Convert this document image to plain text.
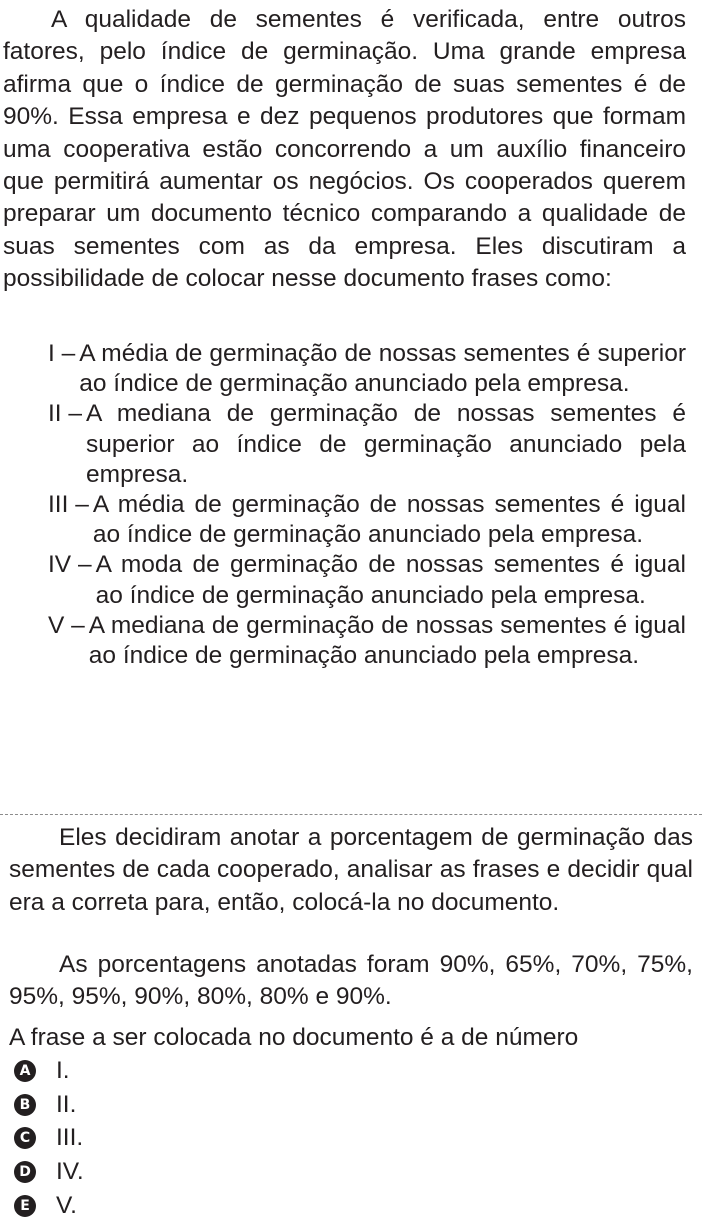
A qualidade de sementes é verificada, entre outros fatores, pelo índice de germinação. Uma grande empresa afirma que o índice de germinação de suas sementes é de 90%. Essa empresa e dez pequenos produtores que formam uma cooperativa estão concorrendo a um auxílio financeiro que permitirá aumentar os negócios. Os cooperados querem preparar um documento técnico comparando a qualidade de suas sementes com as da empresa. Eles discutiram a possibilidade de colocar nesse documento frases como:

I – A média de germinação de nossas sementes é superior ao índice de germinação anunciado pela empresa.
II – A mediana de germinação de nossas sementes é superior ao índice de germinação anunciado pela empresa.
III – A média de germinação de nossas sementes é igual ao índice de germinação anunciado pela empresa.
IV – A moda de germinação de nossas sementes é igual ao índice de germinação anunciado pela empresa.
V – A mediana de germinação de nossas sementes é igual ao índice de germinação anunciado pela empresa.

Eles decidiram anotar a porcentagem de germinação das sementes de cada cooperado, analisar as frases e decidir qual era a correta para, então, colocá-la no documento.

As porcentagens anotadas foram 90%, 65%, 70%, 75%, 95%, 95%, 90%, 80%, 80% e 90%.

A frase a ser colocada no documento é a de número

A I.
B II.
C III.
D IV.
E V.
